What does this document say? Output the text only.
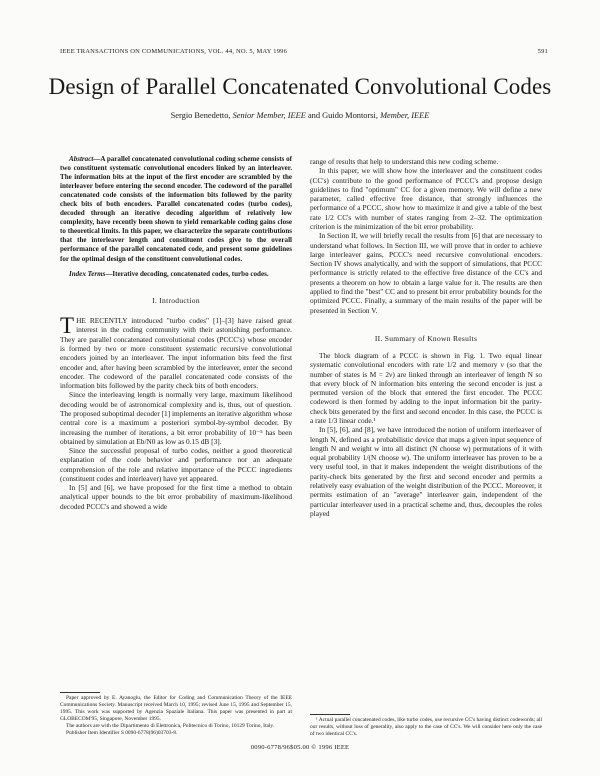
IEEE TRANSACTIONS ON COMMUNICATIONS, VOL. 44, NO. 5, MAY 1996	591
Design of Parallel Concatenated Convolutional Codes
Sergio Benedetto, Senior Member, IEEE and Guido Montorsi, Member, IEEE

Abstract—A parallel concatenated convolutional coding scheme consists of two constituent systematic convolutional encoders linked by an interleaver. The information bits at the input of the first encoder are scrambled by the interleaver before entering the second encoder. The codeword of the parallel concatenated code consists of the information bits followed by the parity check bits of both encoders. Parallel concatenated codes (turbo codes), decoded through an iterative decoding algorithm of relatively low complexity, have recently been shown to yield remarkable coding gains close to theoretical limits. In this paper, we characterize the separate contributions that the interleaver length and constituent codes give to the overall performance of the parallel concatenated code, and present some guidelines for the optimal design of the constituent convolutional codes.

Index Terms—Iterative decoding, concatenated codes, turbo codes.

I. Introduction

THE RECENTLY introduced "turbo codes" [1]–[3] have raised great interest in the coding community with their astonishing performance. They are parallel concatenated convolutional codes (PCCC's) whose encoder is formed by two or more constituent systematic recursive convolutional encoders joined by an interleaver. The input information bits feed the first encoder and, after having been scrambled by the interleaver, enter the second encoder. The codeword of the parallel concatenated code consists of the information bits followed by the parity check bits of both encoders.

Since the interleaving length is normally very large, maximum likelihood decoding would be of astronomical complexity and is, thus, out of question. The proposed suboptimal decoder [1] implements an iterative algorithm whose central core is a maximum a posteriori symbol-by-symbol decoder. By increasing the number of iterations, a bit error probability of 10⁻⁵ has been obtained by simulation at Eb/N0 as low as 0.15 dB [3].

Since the successful proposal of turbo codes, neither a good theoretical explanation of the code behavior and performance nor an adequate comprehension of the role and relative importance of the PCCC ingredients (constituent codes and interleaver) have yet appeared.

In [5] and [6], we have proposed for the first time a method to obtain analytical upper bounds to the bit error probability of maximum-likelihood decoded PCCC's and showed a wide

Paper approved by E. Ayanoglu, the Editor for Coding and Communication Theory of the IEEE Communications Society. Manuscript received March 10, 1995; revised June 15, 1995 and September 15, 1995. This work was supported by Agenzia Spaziale Italiana. This paper was presented in part at GLOBECOM'95, Singapore, November 1995.

The authors are with the Dipartimento di Elettronica, Politecnico di Torino, 10129 Torino, Italy.

Publisher Item Identifier S 0090-6778(96)03703-8.

range of results that help to understand this new coding scheme.

In this paper, we will show how the interleaver and the constituent codes (CC's) contribute to the good performance of PCCC's and propose design guidelines to find "optimum" CC for a given memory. We will define a new parameter, called effective free distance, that strongly influences the performance of a PCCC, show how to maximize it and give a table of the best rate 1/2 CC's with number of states ranging from 2–32. The optimization criterion is the minimization of the bit error probability.

In Section II, we will briefly recall the results from [6] that are necessary to understand what follows. In Section III, we will prove that in order to achieve large interleaver gains, PCCC's need recursive convolutional encoders. Section IV shows analytically, and with the support of simulations, that PCCC performance is strictly related to the effective free distance of the CC's and presents a theorem on how to obtain a large value for it. The results are then applied to find the "best" CC and to present bit error probability bounds for the optimized PCCC. Finally, a summary of the main results of the paper will be presented in Section V.

II. Summary of Known Results

The block diagram of a PCCC is shown in Fig. 1. Two equal linear systematic convolutional encoders with rate 1/2 and memory ν (so that the number of states is M = 2ν) are linked through an interleaver of length N so that every block of N information bits entering the second encoder is just a permuted version of the block that entered the first encoder. The PCCC codeword is then formed by adding to the input information bit the parity-check bits generated by the first and second encoder. In this case, the PCCC is a rate 1/3 linear code.¹

In [5], [6], and [8], we have introduced the notion of uniform interleaver of length N, defined as a probabilistic device that maps a given input sequence of length N and weight w into all distinct (N choose w) permutations of it with equal probability 1/(N choose w). The uniform interleaver has proven to be a very useful tool, in that it makes independent the weight distributions of the parity-check bits generated by the first and second encoder and permits a relatively easy evaluation of the weight distribution of the PCCC. Moreover, it permits estimation of an "average" interleaver gain, independent of the particular interleaver used in a practical scheme and, thus, decouples the roles played

¹ Actual parallel concatenated codes, like turbo codes, use recursive CC's having distinct codewords; all our results, without loss of generality, also apply to the case of CC's. We will consider here only the case of two identical CC's.

0090-6778/96$05.00 © 1996 IEEE
